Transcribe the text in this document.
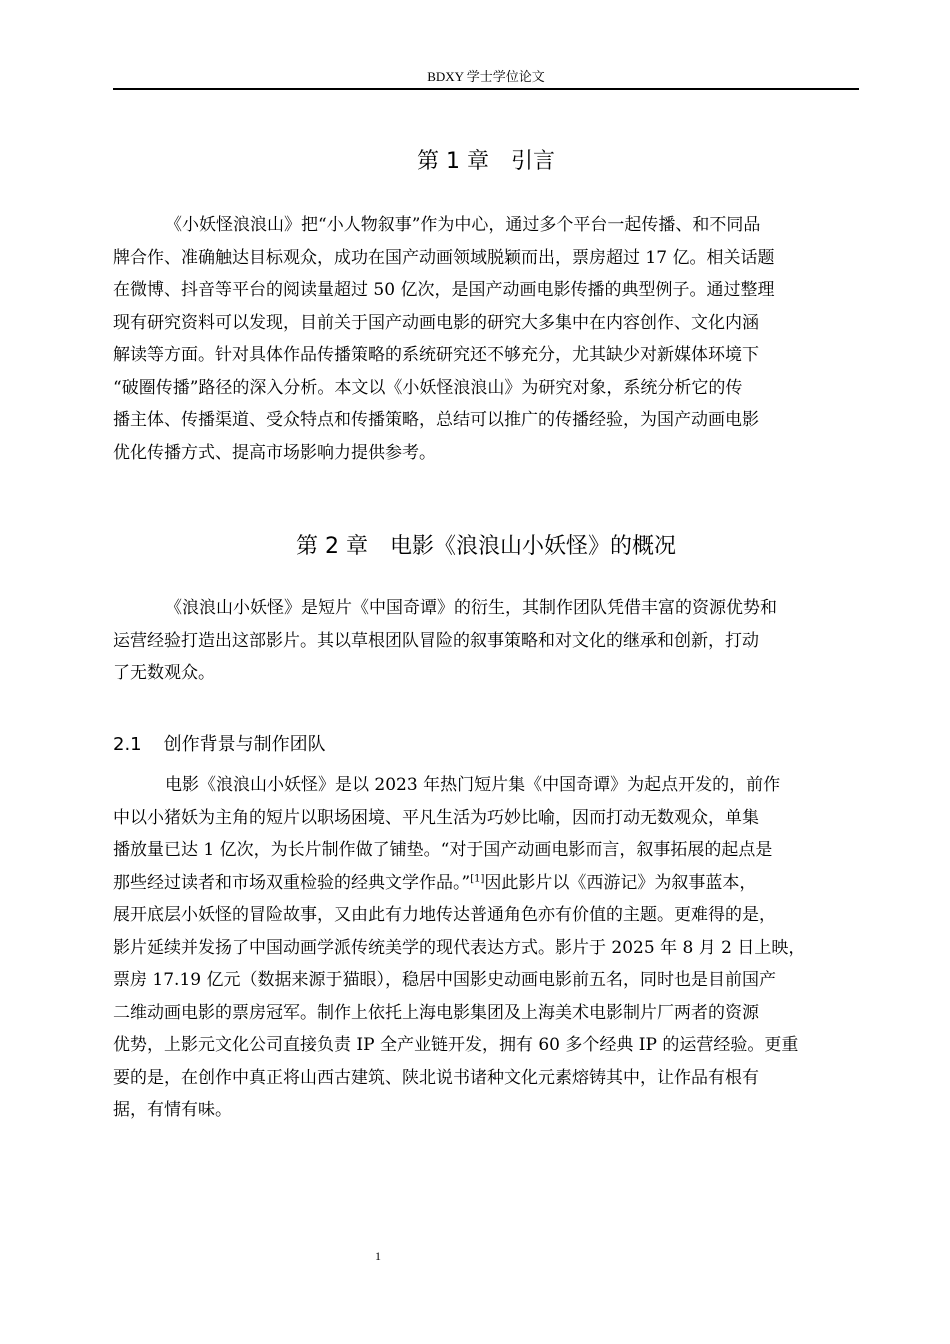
BDXY 学士学位论文
第 1 章 引言

《小妖怪浪浪山》把“小人物叙事”作为中心，通过多个平台一起传播、和不同品
牌合作、准确触达目标观众，成功在国产动画领域脱颖而出，票房超过 17 亿。相关话题
在微博、抖音等平台的阅读量超过 50 亿次，是国产动画电影传播的典型例子。通过整理
现有研究资料可以发现，目前关于国产动画电影的研究大多集中在内容创作、文化内涵
解读等方面。针对具体作品传播策略的系统研究还不够充分，尤其缺少对新媒体环境下
“破圈传播”路径的深入分析。本文以《小妖怪浪浪山》为研究对象，系统分析它的传
播主体、传播渠道、受众特点和传播策略，总结可以推广的传播经验，为国产动画电影
优化传播方式、提高市场影响力提供参考。

第 2 章 电影《浪浪山小妖怪》的概况

《浪浪山小妖怪》是短片《中国奇谭》的衍生，其制作团队凭借丰富的资源优势和
运营经验打造出这部影片。其以草根团队冒险的叙事策略和对文化的继承和创新，打动
了无数观众。

2.1 创作背景与制作团队

电影《浪浪山小妖怪》是以 2023 年热门短片集《中国奇谭》为起点开发的，前作
中以小猪妖为主角的短片以职场困境、平凡生活为巧妙比喻，因而打动无数观众，单集
播放量已达 1 亿次，为长片制作做了铺垫。“对于国产动画电影而言，叙事拓展的起点是
那些经过读者和市场双重检验的经典文学作品。”[1]因此影片以《西游记》为叙事蓝本，
展开底层小妖怪的冒险故事，又由此有力地传达普通角色亦有价值的主题。更难得的是，
影片延续并发扬了中国动画学派传统美学的现代表达方式。影片于 2025 年 8 月 2 日上映，
票房 17.19 亿元（数据来源于猫眼），稳居中国影史动画电影前五名，同时也是目前国产
二维动画电影的票房冠军。制作上依托上海电影集团及上海美术电影制片厂两者的资源
优势，上影元文化公司直接负责 IP 全产业链开发，拥有 60 多个经典 IP 的运营经验。更重
要的是，在创作中真正将山西古建筑、陕北说书诸种文化元素熔铸其中，让作品有根有
据，有情有味。

1
